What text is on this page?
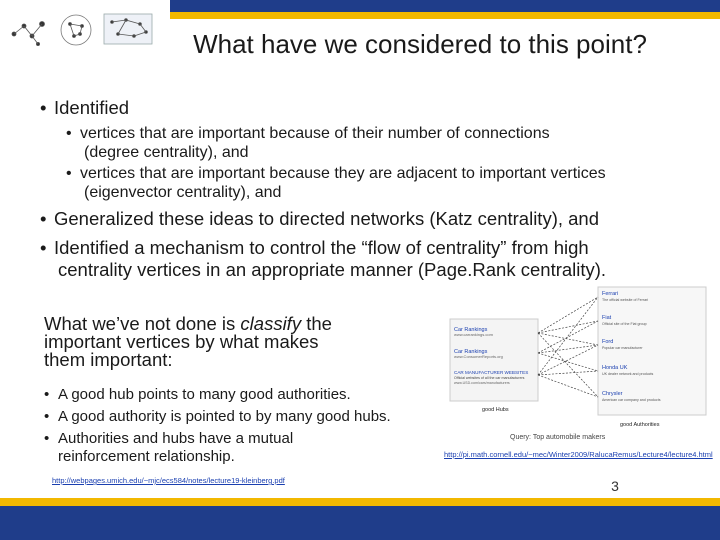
What have we considered to this point?
• Identified
• vertices that are important because of their number of connections
(degree centrality), and
• vertices that are important because they are adjacent to important vertices
(eigenvector centrality), and
• Generalized these ideas to directed networks (Katz centrality), and
• Identified a mechanism to control the “flow of centrality” from high
centrality vertices in an appropriate manner (Page.Rank centrality).
What we’ve not done is classify the
important vertices by what makes
them important:
• A good hub points to many good authorities.
• A good authority is pointed to by many good hubs.
• Authorities and hubs have a mutual
reinforcement relationship.
http://webpages.umich.edu/~mjc/ecs584/notes/lecture19-kleinberg.pdf
http://pi.math.cornell.edu/~mec/Winter2009/RalucaRemus/Lecture4/lecture4.html
Car Rankings
www.carrankings.com
Car Rankings
www.ConsumerReports.org
CAR MANUFACTURER WEBSITES
Official websites of all the car manufacturers
www.USD.com/cars/manufacturers
Ferrari
The official website of Ferrari
Fiat
Official site of the Fiat group
Ford
Popular car manufacturer
Honda UK
UK dealer network and products
Chrysler
American car company and products
good Hubs
good Authorities
Query: Top automobile makers
3
